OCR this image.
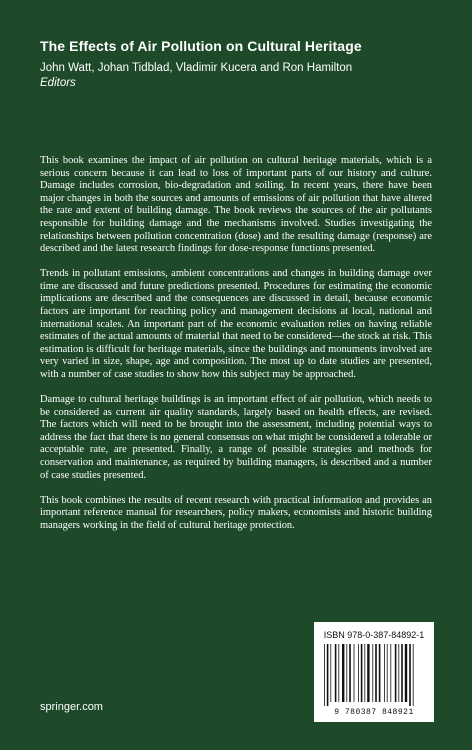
The Effects of Air Pollution on Cultural Heritage
John Watt, Johan Tidblad, Vladimir Kucera and Ron Hamilton
Editors

This book examines the impact of air pollution on cultural heritage materials, which is a serious concern because it can lead to loss of important parts of our history and culture. Damage includes corrosion, bio-degradation and soiling. In recent years, there have been major changes in both the sources and amounts of emissions of air pollution that have altered the rate and extent of building damage. The book reviews the sources of the air pollutants responsible for building damage and the mechanisms involved. Studies investigating the relationships between pollution concentration (dose) and the resulting damage (response) are described and the latest research findings for dose-response functions presented.

Trends in pollutant emissions, ambient concentrations and changes in building damage over time are discussed and future predictions presented. Procedures for estimating the economic implications are described and the consequences are discussed in detail, because economic factors are important for reaching policy and management decisions at local, national and international scales. An important part of the economic evaluation relies on having reliable estimates of the actual amounts of material that need to be considered—the stock at risk. This estimation is difficult for heritage materials, since the buildings and monuments involved are very varied in size, shape, age and composition. The most up to date studies are presented, with a number of case studies to show how this subject may be approached.

Damage to cultural heritage buildings is an important effect of air pollution, which needs to be considered as current air quality standards, largely based on health effects, are revised. The factors which will need to be brought into the assessment, including potential ways to address the fact that there is no general consensus on what might be considered a tolerable or acceptable rate, are presented. Finally, a range of possible strategies and methods for conservation and maintenance, as required by building managers, is described and a number of case studies presented.

This book combines the results of recent research with practical information and provides an important reference manual for researchers, policy makers, economists and historic building managers working in the field of cultural heritage protection.

ISBN 978-0-387-84892-1
9 780387 848921
springer.com
